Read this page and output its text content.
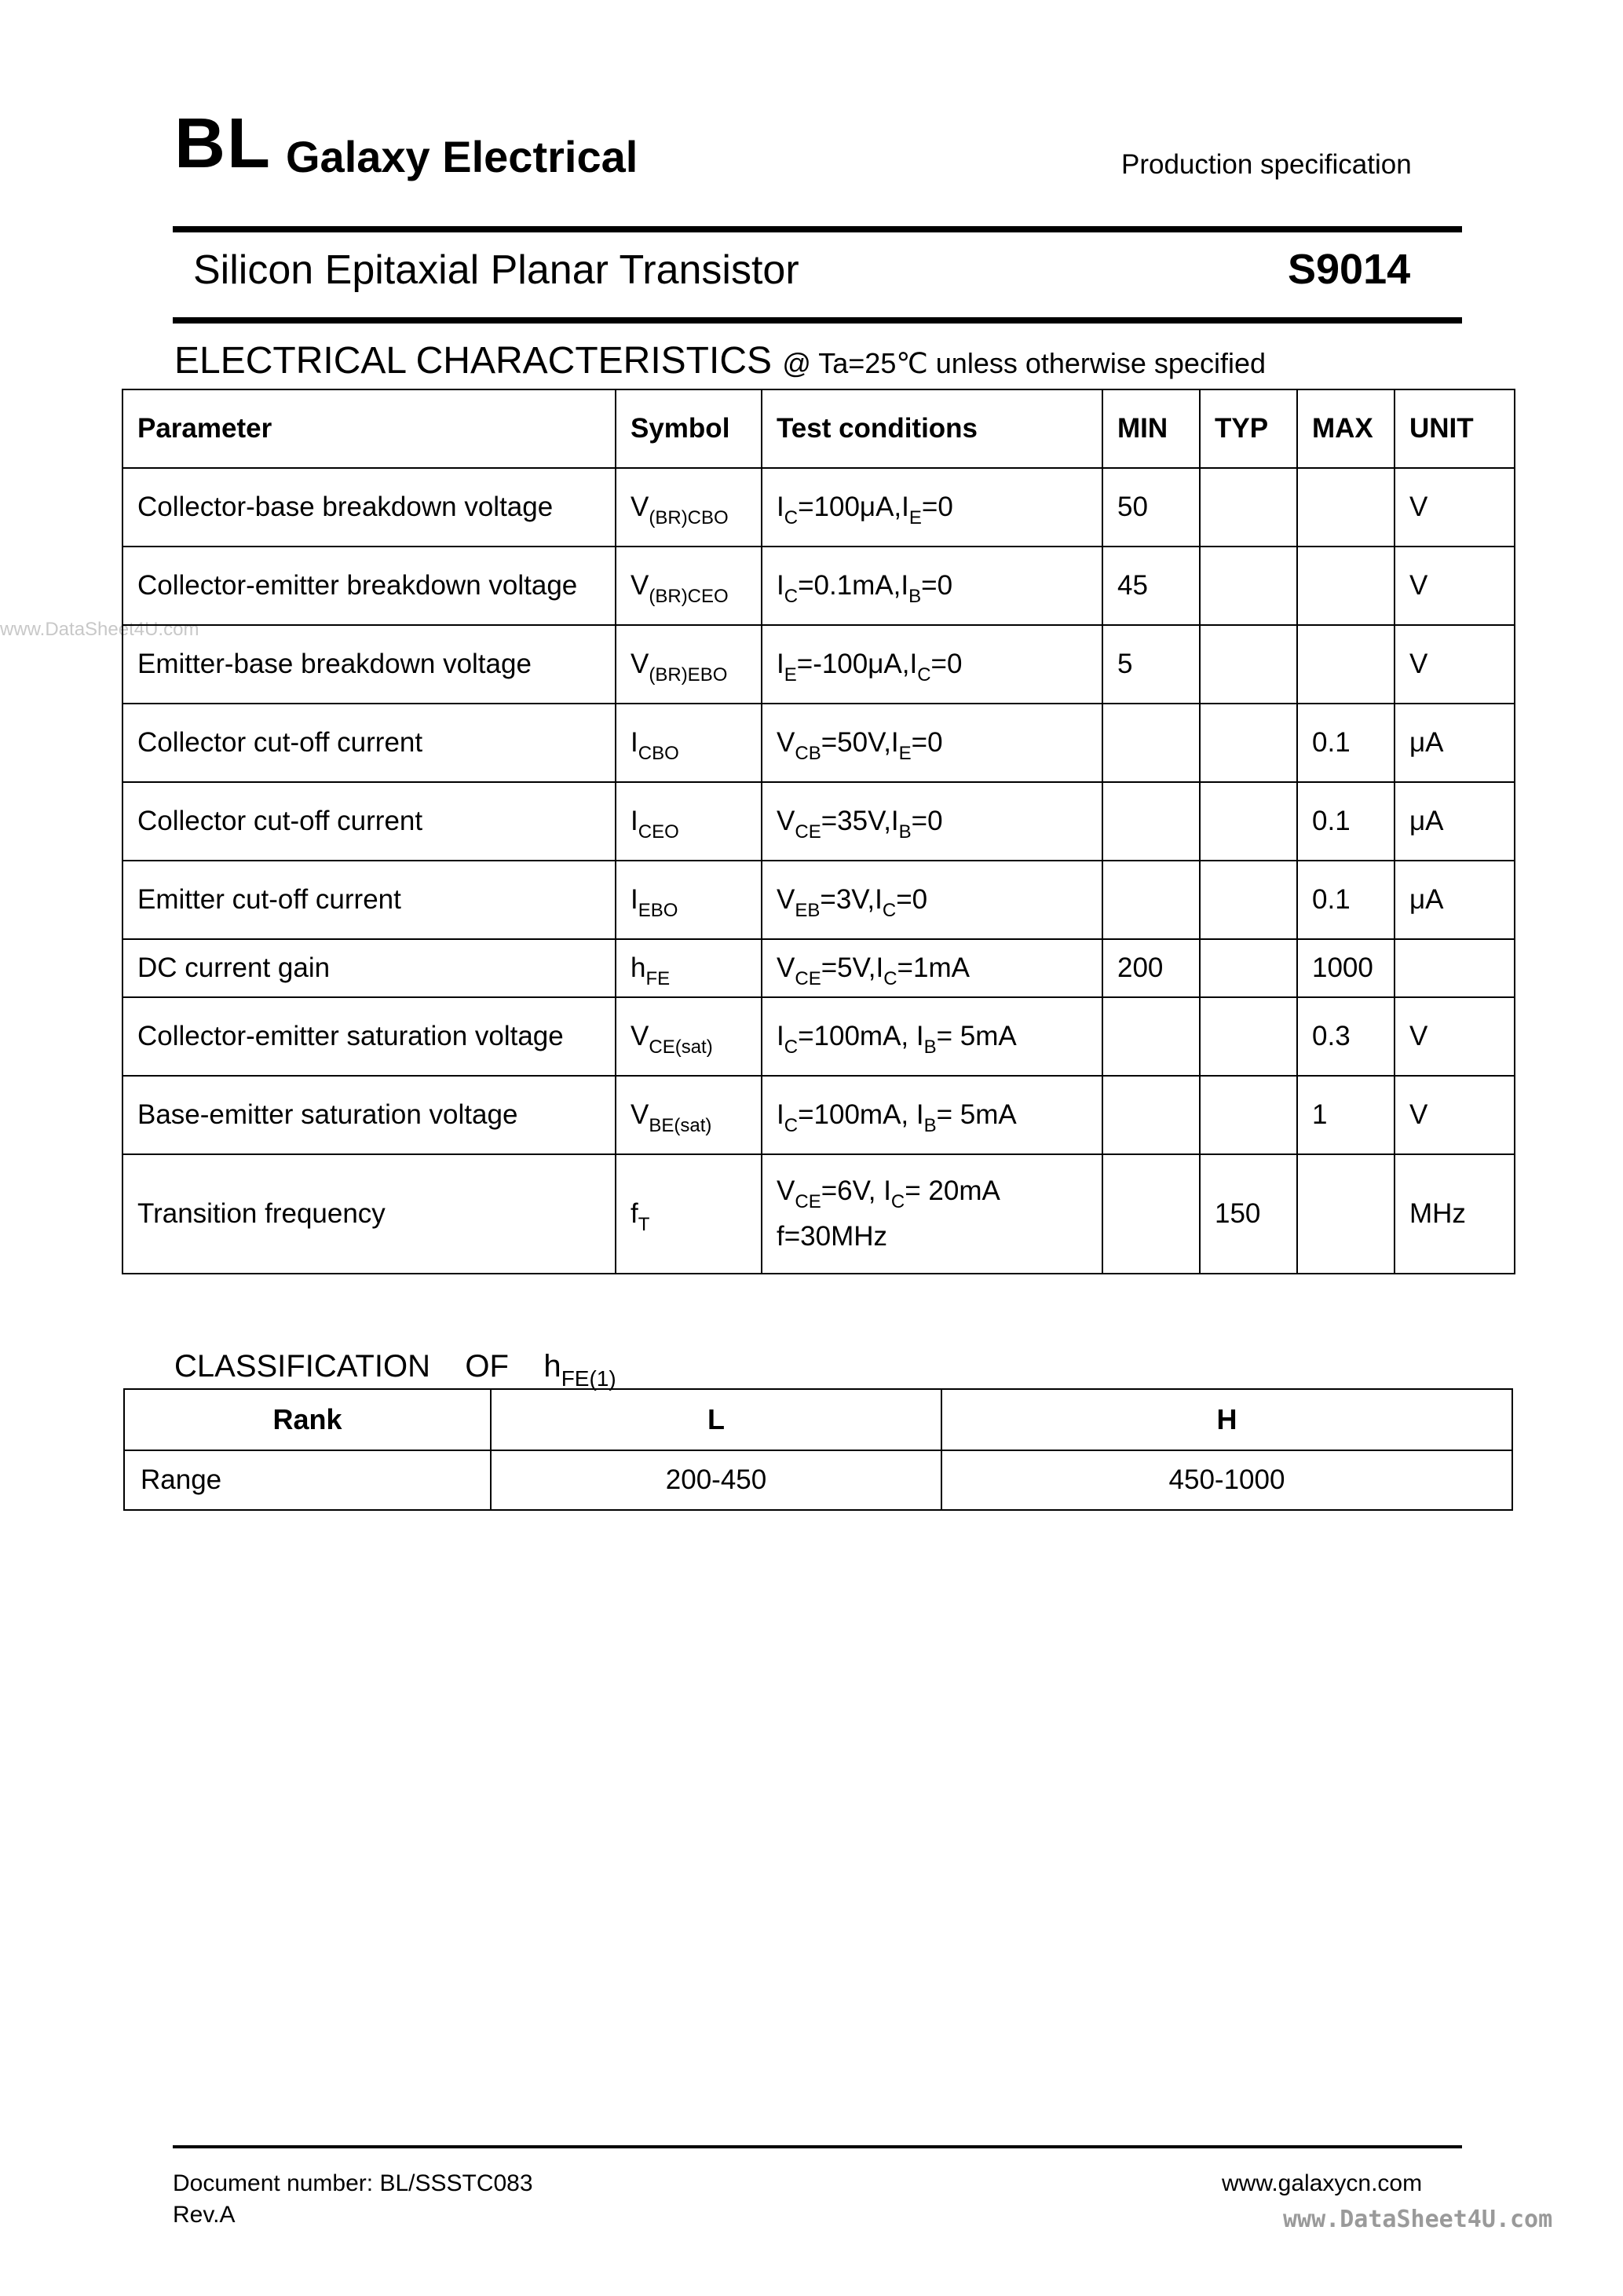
BL Galaxy Electrical	Production specification
Silicon Epitaxial Planar Transistor	S9014
ELECTRICAL CHARACTERISTICS @ Ta=25℃ unless otherwise specified
www.DataSheet4U.com
Parameter	Symbol	Test conditions	MIN	TYP	MAX	UNIT
Collector-base breakdown voltage	$V_{(BR)CBO}$	$I_C=100\mu A,I_E=0$	50			V
Collector-emitter breakdown voltage	$V_{(BR)CEO}$	$I_C=0.1mA,I_B=0$	45			V
Emitter-base breakdown voltage	$V_{(BR)EBO}$	$I_E=-100\mu A,I_C=0$	5			V
Collector cut-off current	$I_{CBO}$	$V_{CB}=50V,I_E=0$			0.1	μA
Collector cut-off current	$I_{CEO}$	$V_{CE}=35V,I_B=0$			0.1	μA
Emitter cut-off current	$I_{EBO}$	$V_{EB}=3V,I_C=0$			0.1	μA
DC current gain	$h_{FE}$	$V_{CE}=5V,I_C=1mA$	200		1000	
Collector-emitter saturation voltage	$V_{CE(sat)}$	$I_C=100mA$, $I_B= 5mA$			0.3	V
Base-emitter saturation voltage	$V_{BE(sat)}$	$I_C=100mA$, $I_B= 5mA$			1	V
Transition frequency	$f_T$	$V_{CE}=6V$, $I_C= 20mA$
f=30MHz		150		MHz
CLASSIFICATION    OF    $h_{FE(1)}$
Rank	L	H
Range	200-450	450-1000
Document number: BL/SSSTC083
Rev.A
www.galaxycn.com
www.DataSheet4U.com
